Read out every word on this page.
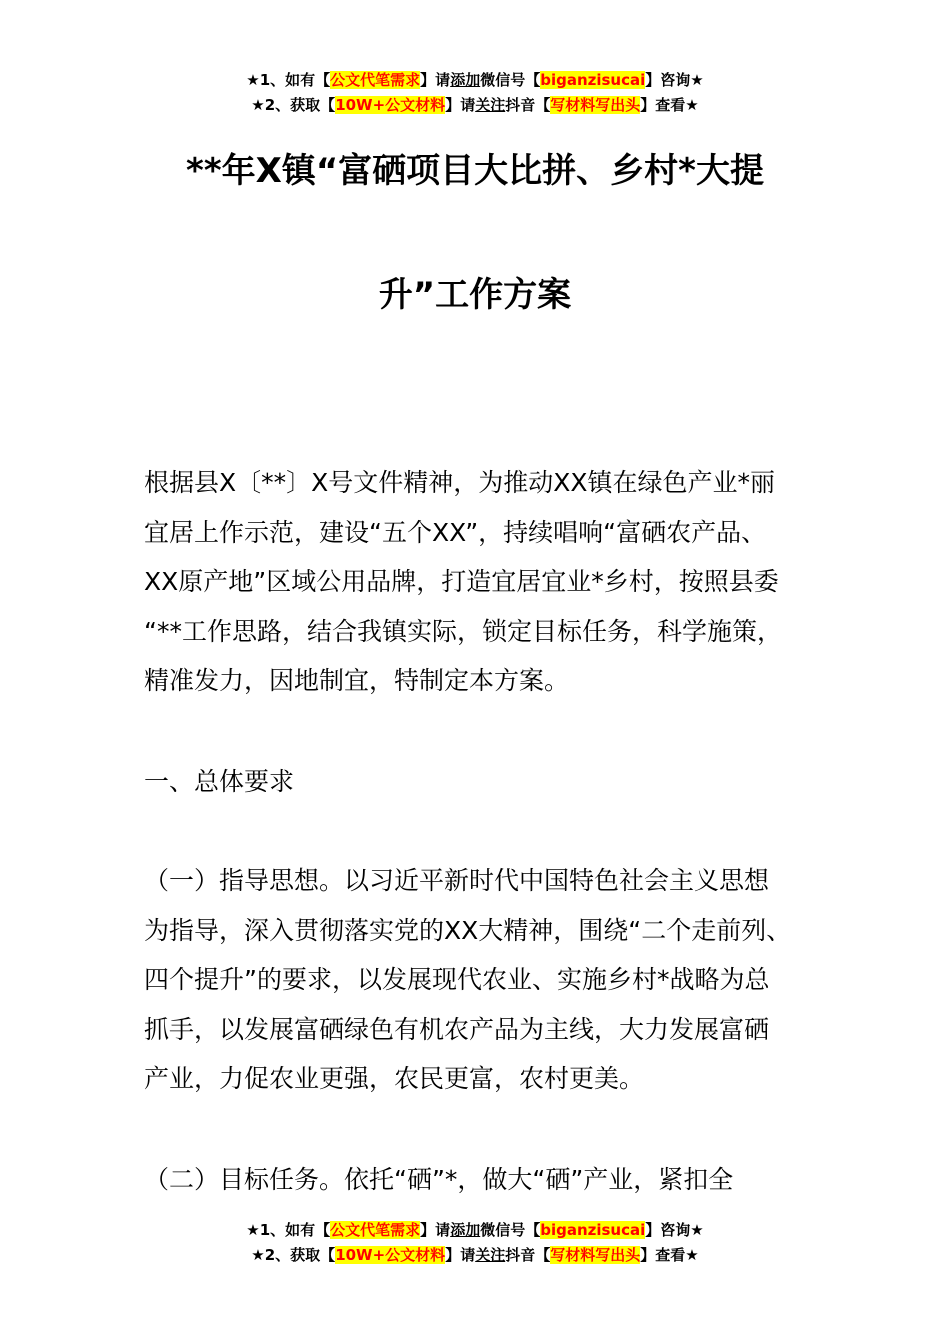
★1、如有【公文代笔需求】请添加微信号【biganzisucai】咨询★
★2、获取【10W+公文材料】请关注抖音【写材料写出头】查看★
**年X镇“富硒项目大比拼、乡村*大提
升”工作方案
根据县X〔**〕X号文件精神，为推动XX镇在绿色产业*丽
宜居上作示范，建设“五个XX”，持续唱响“富硒农产品、
XX原产地”区域公用品牌，打造宜居宜业*乡村，按照县委
“**工作思路，结合我镇实际，锁定目标任务，科学施策，
精准发力，因地制宜，特制定本方案。
一、总体要求
（一）指导思想。以习近平新时代中国特色社会主义思想
为指导，深入贯彻落实党的XX大精神，围绕“二个走前列、
四个提升”的要求，以发展现代农业、实施乡村*战略为总
抓手，以发展富硒绿色有机农产品为主线，大力发展富硒
产业，力促农业更强，农民更富，农村更美。
（二）目标任务。依托“硒”*，做大“硒”产业，紧扣全
★1、如有【公文代笔需求】请添加微信号【biganzisucai】咨询★
★2、获取【10W+公文材料】请关注抖音【写材料写出头】查看★
